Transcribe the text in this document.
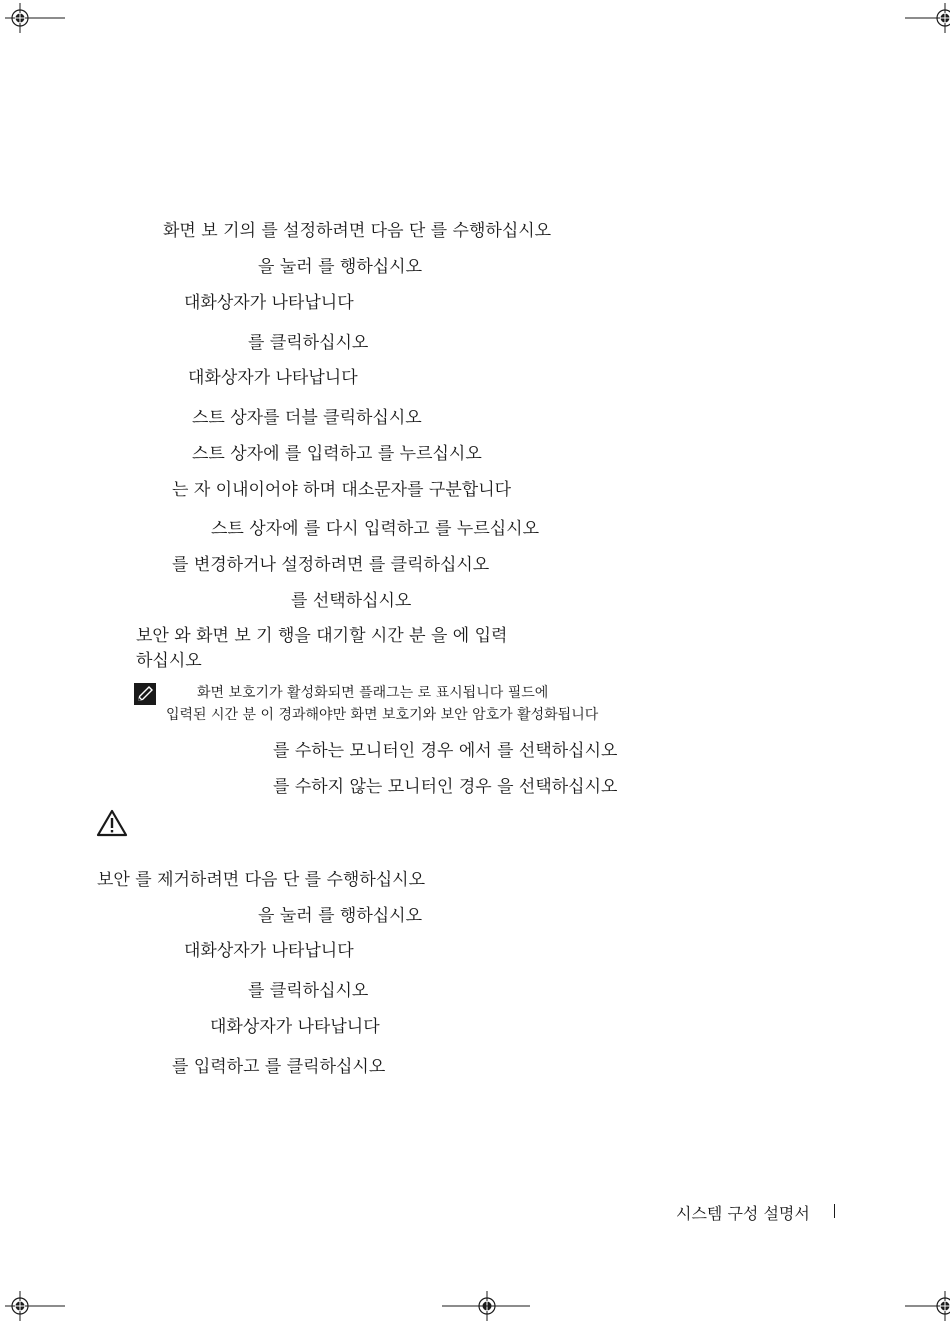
화면 보 기의 를 설정하려면 다음 단 를 수행하십시오
을 눌러 를 행하십시오
대화상자가 나타납니다
를 클릭하십시오
대화상자가 나타납니다
스트 상자를 더블 클릭하십시오
스트 상자에 를 입력하고 를 누르십시오
는 자 이내이어야 하며 대소문자를 구분합니다
스트 상자에 를 다시 입력하고 를 누르십시오
를 변경하거나 설정하려면 를 클릭하십시오
를 선택하십시오
보안 와 화면 보 기 행을 대기할 시간 분 을 에 입력
하십시오
화면 보호기가 활성화되면 플래그는 로 표시됩니다 필드에
입력된 시간 분 이 경과해야만 화면 보호기와 보안 암호가 활성화됩니다
를 수하는 모니터인 경우 에서 를 선택하십시오
를 수하지 않는 모니터인 경우 을 선택하십시오
보안 를 제거하려면 다음 단 를 수행하십시오
을 눌러 를 행하십시오
대화상자가 나타납니다
를 클릭하십시오
대화상자가 나타납니다
를 입력하고 를 클릭하십시오
시스템 구성 설명서
